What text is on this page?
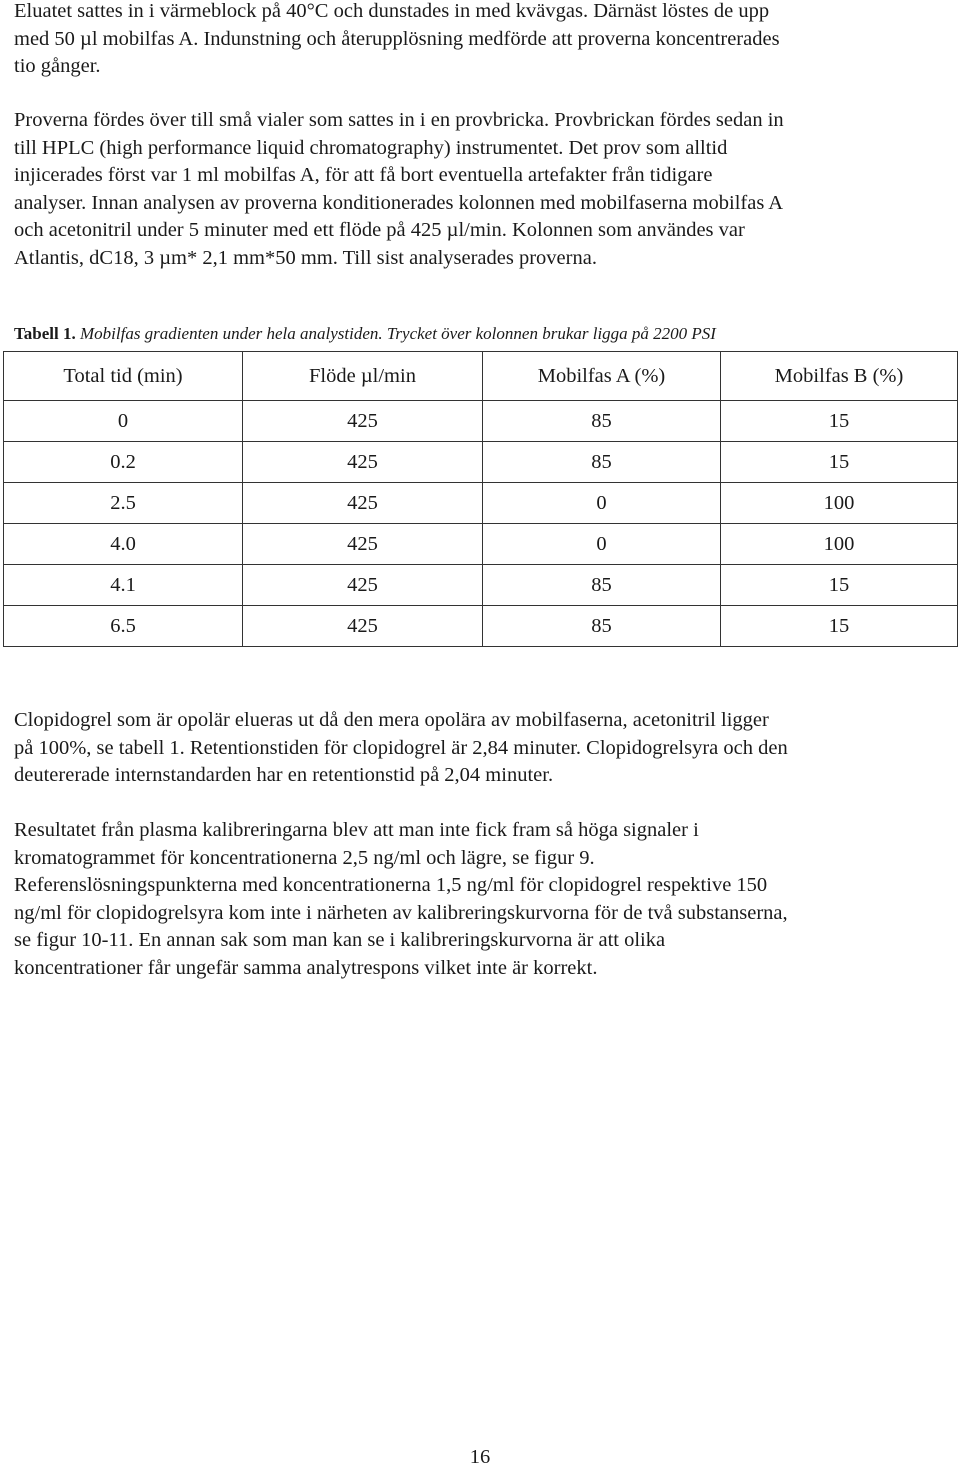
Eluatet sattes in i värmeblock på 40°C och dunstades in med kvävgas. Därnäst löstes de upp
med 50 µl mobilfas A. Indunstning och återupplösning medförde att proverna koncentrerades
tio gånger.

Proverna fördes över till små vialer som sattes in i en provbricka. Provbrickan fördes sedan in
till HPLC (high performance liquid chromatography) instrumentet. Det prov som alltid
injicerades först var 1 ml mobilfas A, för att få bort eventuella artefakter från tidigare
analyser. Innan analysen av proverna konditionerades kolonnen med mobilfaserna mobilfas A
och acetonitril under 5 minuter med ett flöde på 425 µl/min. Kolonnen som användes var
Atlantis, dC18, 3 µm* 2,1 mm*50 mm. Till sist analyserades proverna.

Tabell 1. Mobilfas gradienten under hela analystiden. Trycket över kolonnen brukar ligga på 2200 PSI
Total tid (min)	Flöde µl/min	Mobilfas A (%)	Mobilfas B (%)
0	425	85	15
0.2	425	85	15
2.5	425	0	100
4.0	425	0	100
4.1	425	85	15
6.5	425	85	15

Clopidogrel som är opolär elueras ut då den mera opolära av mobilfaserna, acetonitril ligger
på 100%, se tabell 1. Retentionstiden för clopidogrel är 2,84 minuter. Clopidogrelsyra och den
deutererade internstandarden har en retentionstid på 2,04 minuter.

Resultatet från plasma kalibreringarna blev att man inte fick fram så höga signaler i
kromatogrammet för koncentrationerna 2,5 ng/ml och lägre, se figur 9.
Referenslösningspunkterna med koncentrationerna 1,5 ng/ml för clopidogrel respektive 150
ng/ml för clopidogrelsyra kom inte i närheten av kalibreringskurvorna för de två substanserna,
se figur 10-11. En annan sak som man kan se i kalibreringskurvorna är att olika
koncentrationer får ungefär samma analytrespons vilket inte är korrekt.

16
